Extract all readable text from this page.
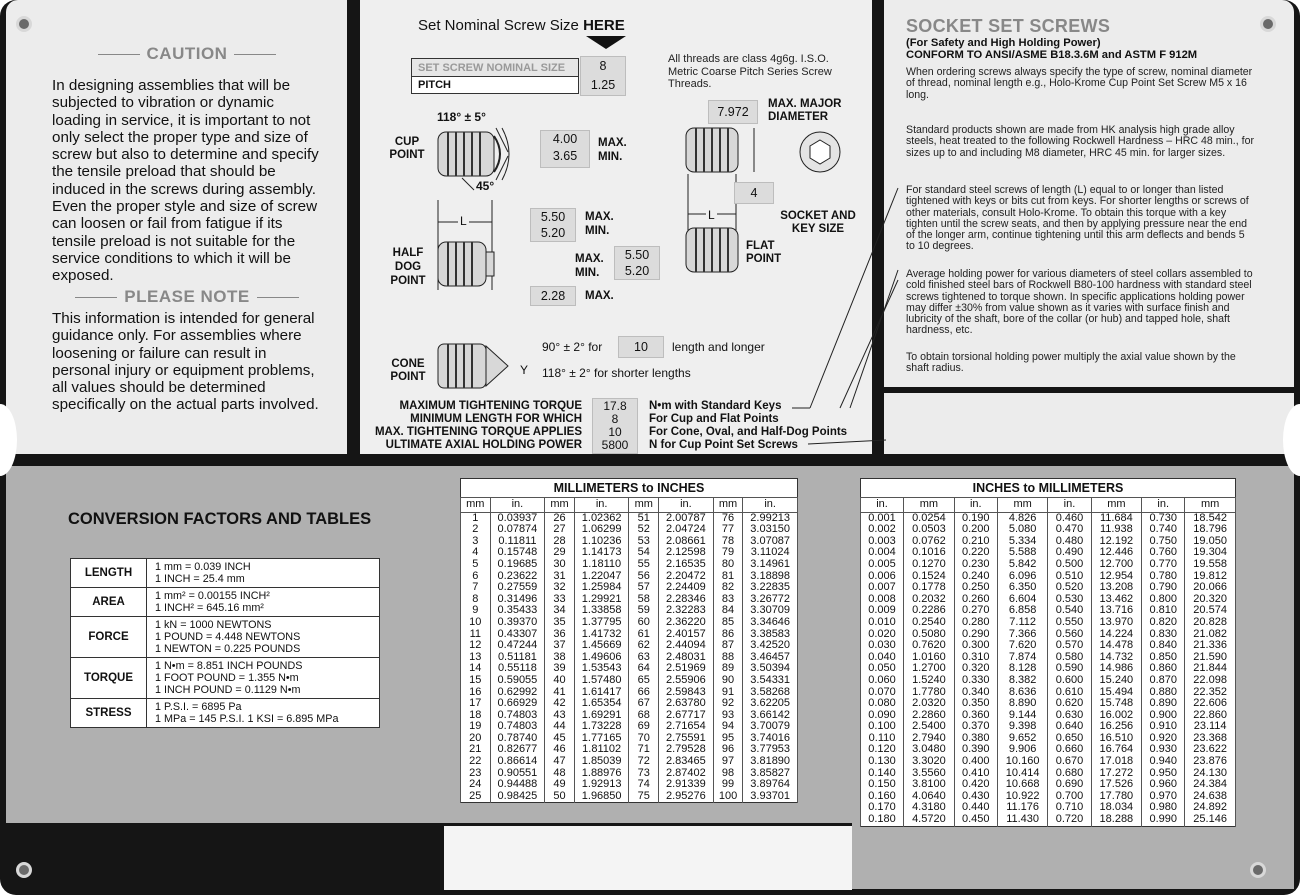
CAUTION
In designing assemblies that will be subjected to vibration or dynamic loading in service, it is important to not only select the proper type and size of screw but also to determine and specify the tensile preload that should be induced in the screws during assembly. Even the proper style and size of screw can loosen or fail from fatigue if its tensile preload is not suitable for the service conditions to which it will be exposed.
PLEASE NOTE
This information is intended for general guidance only. For assemblies where loosening or failure can result in personal injury or equipment problems, all values should be determined specifically on the actual parts involved.
Set Nominal Screw Size HERE
SET SCREW NOMINAL SIZE
PITCH
8
1.25
All threads are class 4g6g. I.S.O. Metric Coarse Pitch Series Screw Threads.
7.972
MAX. MAJOR DIAMETER
118° ± 5°
CUP POINT
45°
4.00
3.65
MAX.
MIN.
L
HALF DOG POINT
5.50
5.20
MAX.
MIN.
2.28	MAX.
L
4
SOCKET AND KEY SIZE
FLAT POINT
MAX.
MIN.
5.50
5.20
CONE POINT
90° ± 2° for	10	length and longer
Y 118° ± 2° for shorter lengths
MAXIMUM TIGHTENING TORQUE
MINIMUM LENGTH FOR WHICH
MAX. TIGHTENING TORQUE APPLIES
ULTIMATE AXIAL HOLDING POWER
17.8
8
10
5800
N•m with Standard Keys
For Cup and Flat Points
For Cone, Oval, and Half-Dog Points
N for Cup Point Set Screws
SOCKET SET SCREWS
(For Safety and High Holding Power)
CONFORM TO ANSI/ASME B18.3.6M and ASTM F 912M
When ordering screws always specify the type of screw, nominal diameter of thread, nominal length e.g., Holo-Krome Cup Point Set Screw M5 x 16 long.
Standard products shown are made from HK analysis high grade alloy steels, heat treated to the following Rockwell Hardness – HRC 48 min., for sizes up to and including M8 diameter, HRC 45 min. for larger sizes.
For standard steel screws of length (L) equal to or longer than listed tightened with keys or bits cut from keys. For shorter lengths or screws of other materials, consult Holo-Krome. To obtain this torque with a key tighten until the screw seats, and then by applying pressure near the end of the longer arm, continue tightening until this arm deflects and bends 5 to 10 degrees.
Average holding power for various diameters of steel collars assembled to cold finished steel bars of Rockwell B80-100 hardness with standard steel screws tightened to torque shown. In specific applications holding power may differ ±30% from value shown as it varies with surface finish and lubricity of the shaft, bore of the collar (or hub) and tapped hole, shaft hardness, etc.
To obtain torsional holding power multiply the axial value shown by the shaft radius.
CONVERSION FACTORS AND TABLES
LENGTH	1 mm = 0.039 INCH
1 INCH = 25.4 mm

AREA	1 mm² = 0.00155 INCH²
1 INCH² = 645.16 mm²

FORCE	1 kN = 1000 NEWTONS
1 POUND = 4.448 NEWTONS
1 NEWTON = 0.225 POUNDS

TORQUE	1 N•m = 8.851 INCH POUNDS
1 FOOT POUND = 1.355 N•m
1 INCH POUND = 0.1129 N•m

STRESS	1 P.S.I. = 6895 Pa
1 MPa = 145 P.S.I. 1 KSI = 6.895 MPa
MILLIMETERS to INCHES
mm	in.	mm	in.	mm	in.	mm	in.
1	0.03937	26	1.02362	51	2.00787	76	2.99213
2	0.07874	27	1.06299	52	2.04724	77	3.03150
3	0.11811	28	1.10236	53	2.08661	78	3.07087
4	0.15748	29	1.14173	54	2.12598	79	3.11024
5	0.19685	30	1.18110	55	2.16535	80	3.14961
6	0.23622	31	1.22047	56	2.20472	81	3.18898
7	0.27559	32	1.25984	57	2.24409	82	3.22835
8	0.31496	33	1.29921	58	2.28346	83	3.26772
9	0.35433	34	1.33858	59	2.32283	84	3.30709
10	0.39370	35	1.37795	60	2.36220	85	3.34646
11	0.43307	36	1.41732	61	2.40157	86	3.38583
12	0.47244	37	1.45669	62	2.44094	87	3.42520
13	0.51181	38	1.49606	63	2.48031	88	3.46457
14	0.55118	39	1.53543	64	2.51969	89	3.50394
15	0.59055	40	1.57480	65	2.55906	90	3.54331
16	0.62992	41	1.61417	66	2.59843	91	3.58268
17	0.66929	42	1.65354	67	2.63780	92	3.62205
18	0.74803	43	1.69291	68	2.67717	93	3.66142
19	0.74803	44	1.73228	69	2.71654	94	3.70079
20	0.78740	45	1.77165	70	2.75591	95	3.74016
21	0.82677	46	1.81102	71	2.79528	96	3.77953
22	0.86614	47	1.85039	72	2.83465	97	3.81890
23	0.90551	48	1.88976	73	2.87402	98	3.85827
24	0.94488	49	1.92913	74	2.91339	99	3.89764
25	0.98425	50	1.96850	75	2.95276	100	3.93701
INCHES to MILLIMETERS
in.	mm	in.	mm	in.	mm	in.	mm
0.001	0.0254	0.190	4.826	0.460	11.684	0.730	18.542
0.002	0.0503	0.200	5.080	0.470	11.938	0.740	18.796
0.003	0.0762	0.210	5.334	0.480	12.192	0.750	19.050
0.004	0.1016	0.220	5.588	0.490	12.446	0.760	19.304
0.005	0.1270	0.230	5.842	0.500	12.700	0.770	19.558
0.006	0.1524	0.240	6.096	0.510	12.954	0.780	19.812
0.007	0.1778	0.250	6.350	0.520	13.208	0.790	20.066
0.008	0.2032	0.260	6.604	0.530	13.462	0.800	20.320
0.009	0.2286	0.270	6.858	0.540	13.716	0.810	20.574
0.010	0.2540	0.280	7.112	0.550	13.970	0.820	20.828
0.020	0.5080	0.290	7.366	0.560	14.224	0.830	21.082
0.030	0.7620	0.300	7.620	0.570	14.478	0.840	21.336
0.040	1.0160	0.310	7.874	0.580	14.732	0.850	21.590
0.050	1.2700	0.320	8.128	0.590	14.986	0.860	21.844
0.060	1.5240	0.330	8.382	0.600	15.240	0.870	22.098
0.070	1.7780	0.340	8.636	0.610	15.494	0.880	22.352
0.080	2.0320	0.350	8.890	0.620	15.748	0.890	22.606
0.090	2.2860	0.360	9.144	0.630	16.002	0.900	22.860
0.100	2.5400	0.370	9.398	0.640	16.256	0.910	23.114
0.110	2.7940	0.380	9.652	0.650	16.510	0.920	23.368
0.120	3.0480	0.390	9.906	0.660	16.764	0.930	23.622
0.130	3.3020	0.400	10.160	0.670	17.018	0.940	23.876
0.140	3.5560	0.410	10.414	0.680	17.272	0.950	24.130
0.150	3.8100	0.420	10.668	0.690	17.526	0.960	24.384
0.160	4.0640	0.430	10.922	0.700	17.780	0.970	24.638
0.170	4.3180	0.440	11.176	0.710	18.034	0.980	24.892
0.180	4.5720	0.450	11.430	0.720	18.288	0.990	25.146
